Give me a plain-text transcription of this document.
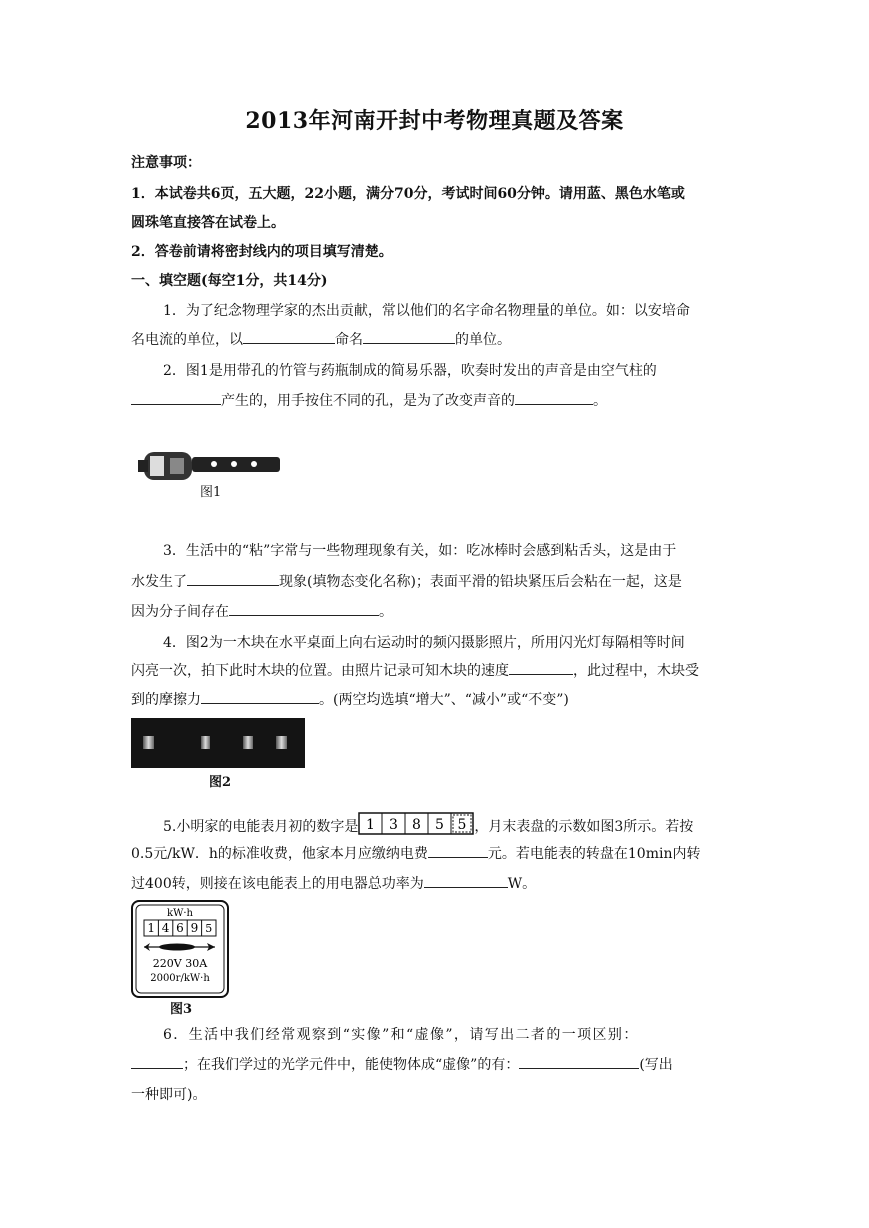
2013年河南开封中考物理真题及答案
注意事项：
1．本试卷共6页，五大题，22小题，满分70分，考试时间60分钟。请用蓝、黑色水笔或
圆珠笔直接答在试卷上。
2．答卷前请将密封线内的项目填写清楚。
一、填空题(每空1分，共14分)
1．为了纪念物理学家的杰出贡献，常以他们的名字命名物理量的单位。如：以安培命
名电流的单位，以	命名	的单位。
2．图1是用带孔的竹管与药瓶制成的简易乐器，吹奏时发出的声音是由空气柱的
产生的，用手按住不同的孔，是为了改变声音的	。
图1
3．生活中的“粘”字常与一些物理现象有关，如：吃冰棒时会感到粘舌头，这是由于
水发生了	现象(填物态变化名称)；表面平滑的铅块紧压后会粘在一起，这是
因为分子间存在	。
4．图2为一木块在水平桌面上向右运动时的频闪摄影照片，所用闪光灯每隔相等时间
闪亮一次，拍下此时木块的位置。由照片记录可知木块的速度	，此过程中，木块受
到的摩擦力	。(两空均选填“增大”、“减小”或“不变”)
图2
5.小明家的电能表月初的数字是 1 3 8 5 5 ，月末表盘的示数如图3所示。若按
0.5元/kW．h的标准收费，他家本月应缴纳电费	元。若电能表的转盘在10min内转
过400转，则接在该电能表上的用电器总功率为	W。
kW·h
1 4 6 9 5
220V 30A
2000r/kW·h
图3
6．生活中我们经常观察到“实像”和“虚像”，请写出二者的一项区别：
；在我们学过的光学元件中，能使物体成“虚像”的有：	(写出
一种即可)。
